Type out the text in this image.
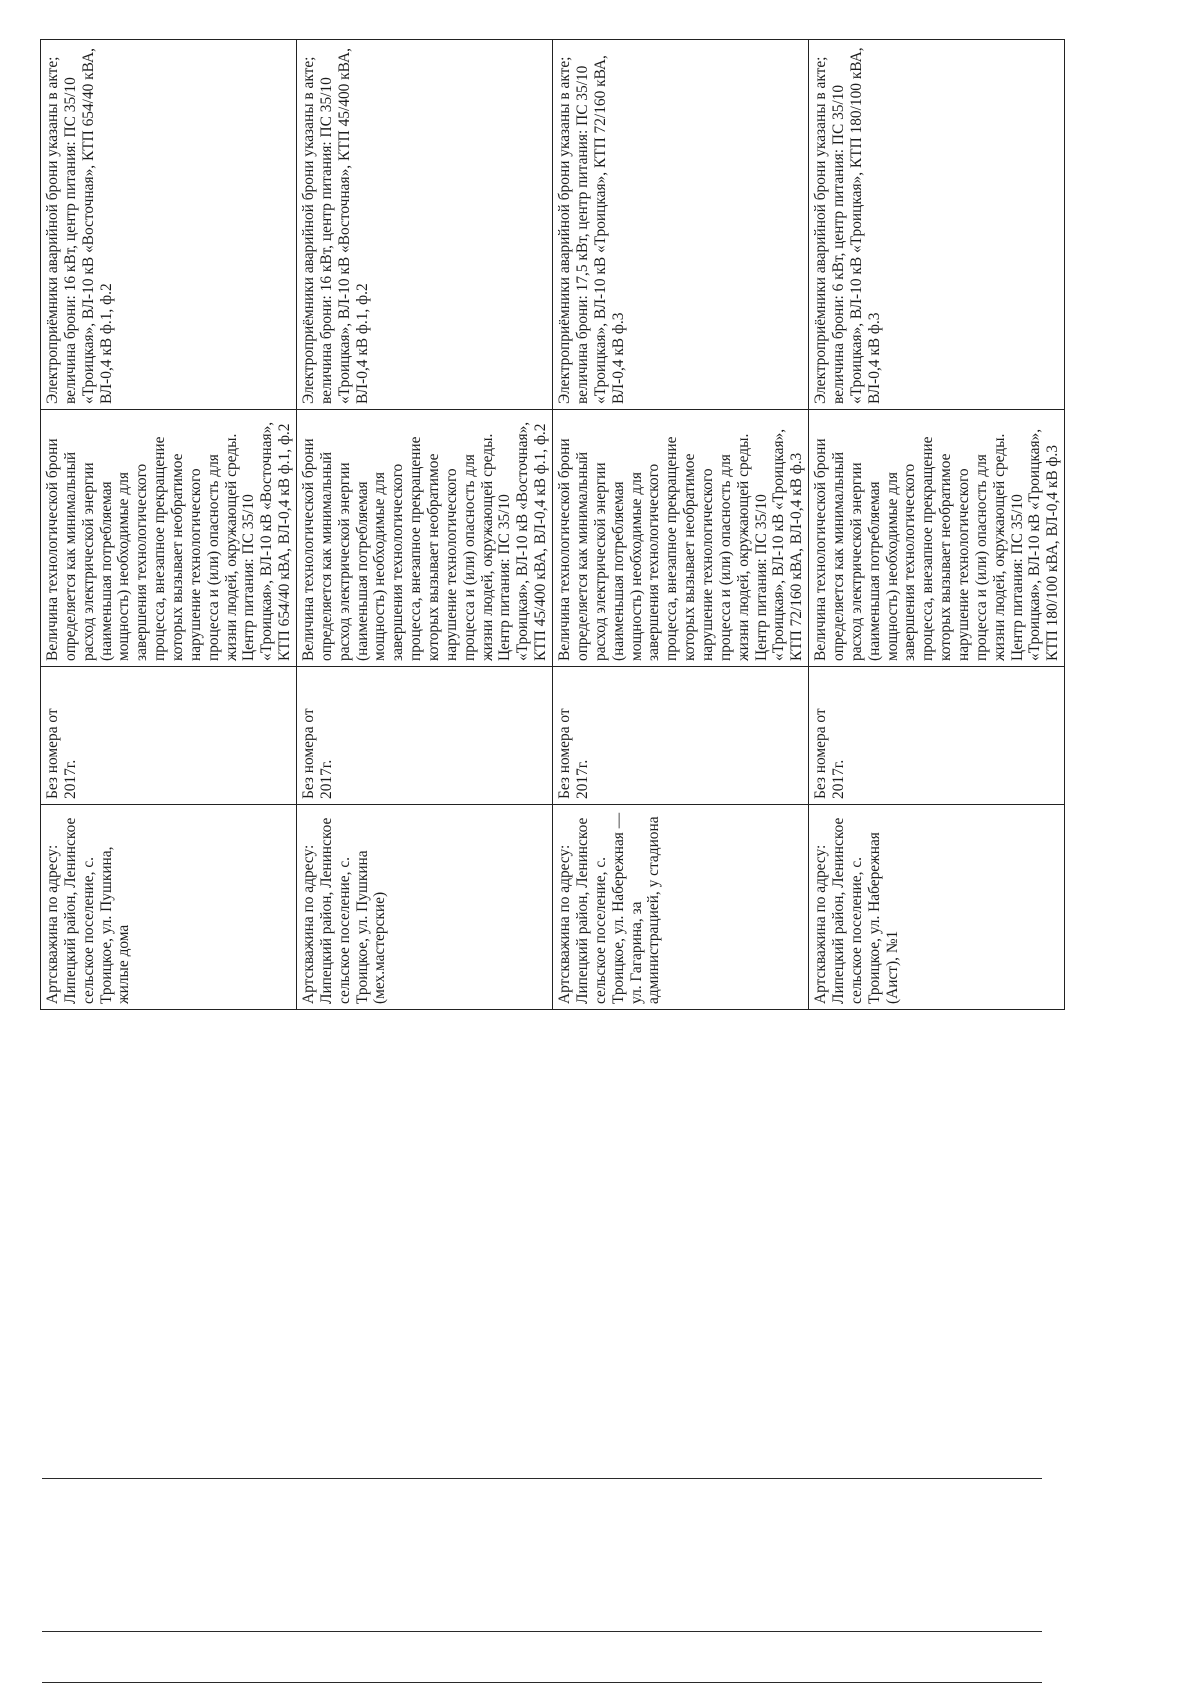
Артскважина по адресу: Липецкий район, Ленинское сельское поселение, с. Троицкое, ул. Пушкина, жилые дома	Без номера от 2017г.	Величина технологической брони определяется как минимальный расход электрической энергии (наименьшая потребляемая мощность) необходимые для завершения технологического процесса, внезапное прекращение которых вызывает необратимое нарушение технологического процесса и (или) опасность для жизни людей, окружающей среды. Центр питания: ПС 35/10 «Троицкая», ВЛ-10 кВ «Восточная», КТП 654/40 кВА, ВЛ-0,4 кВ ф.1, ф.2	Электроприёмники аварийной брони указаны в акте; величина брони: 16 кВт, центр питания: ПС 35/10 «Троицкая», ВЛ-10 кВ «Восточная», КТП 654/40 кВА, ВЛ-0,4 кВ ф.1, ф.2
Артскважина по адресу: Липецкий район, Ленинское сельское поселение, с. Троицкое, ул. Пушкина (мех.мастерские)	Без номера от 2017г.	Величина технологической брони определяется как минимальный расход электрической энергии (наименьшая потребляемая мощность) необходимые для завершения технологического процесса, внезапное прекращение которых вызывает необратимое нарушение технологического процесса и (или) опасность для жизни людей, окружающей среды. Центр питания: ПС 35/10 «Троицкая», ВЛ-10 кВ «Восточная», КТП 45/400 кВА, ВЛ-0,4 кВ ф.1, ф.2	Электроприёмники аварийной брони указаны в акте; величина брони: 16 кВт, центр питания: ПС 35/10 «Троицкая», ВЛ-10 кВ «Восточная», КТП 45/400 кВА, ВЛ-0,4 кВ ф.1, ф.2
Артскважина по адресу: Липецкий район, Ленинское сельское поселение, с. Троицкое, ул. Набережная — ул. Гагарина, за администрацией, у стадиона	Без номера от 2017г.	Величина технологической брони определяется как минимальный расход электрической энергии (наименьшая потребляемая мощность) необходимые для завершения технологического процесса, внезапное прекращение которых вызывает необратимое нарушение технологического процесса и (или) опасность для жизни людей, окружающей среды. Центр питания: ПС 35/10 «Троицкая», ВЛ-10 кВ «Троицкая», КТП 72/160 кВА, ВЛ-0,4 кВ ф.3	Электроприёмники аварийной брони указаны в акте; величина брони: 17,5 кВт, центр питания: ПС 35/10 «Троицкая», ВЛ-10 кВ «Троицкая», КТП 72/160 кВА, ВЛ-0,4 кВ ф.3
Артскважина по адресу: Липецкий район, Ленинское сельское поселение, с. Троицкое, ул. Набережная (Аист), №1	Без номера от 2017г.	Величина технологической брони определяется как минимальный расход электрической энергии (наименьшая потребляемая мощность) необходимые для завершения технологического процесса, внезапное прекращение которых вызывает необратимое нарушение технологического процесса и (или) опасность для жизни людей, окружающей среды. Центр питания: ПС 35/10 «Троицкая», ВЛ-10 кВ «Троицкая», КТП 180/100 кВА, ВЛ-0,4 кВ ф.3	Электроприёмники аварийной брони указаны в акте; величина брони: 6 кВт, центр питания: ПС 35/10 «Троицкая», ВЛ-10 кВ «Троицкая», КТП 180/100 кВА, ВЛ-0,4 кВ ф.3
